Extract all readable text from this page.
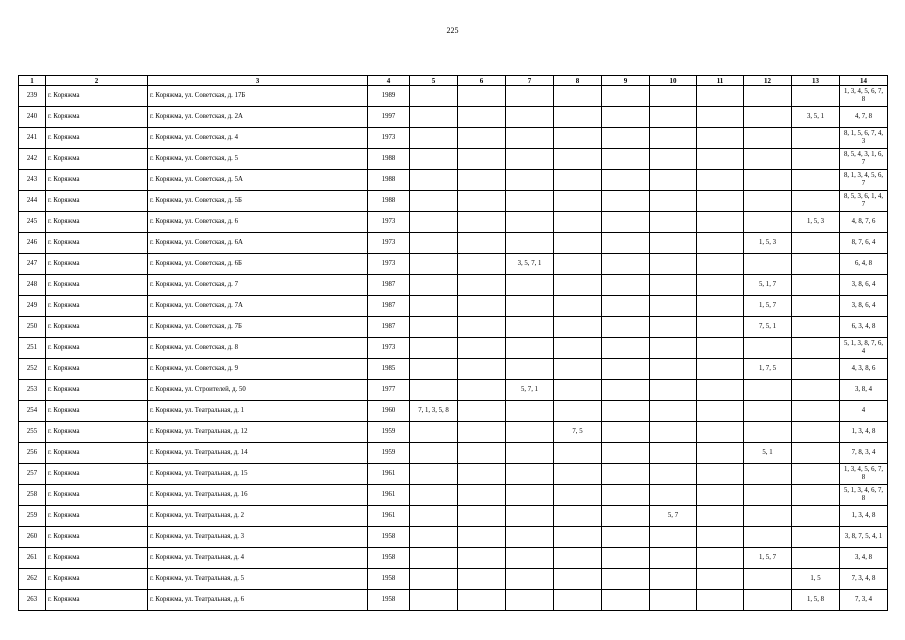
225
1	2	3	4	5	6	7	8	9	10	11	12	13	14
239	г. Коряжма	г. Коряжма, ул. Советская, д. 17Б	1989										1, 3, 4, 5, 6, 7, 8
240	г. Коряжма	г. Коряжма, ул. Советская, д. 2А	1997									3, 5, 1	4, 7, 8
241	г. Коряжма	г. Коряжма, ул. Советская, д. 4	1973										8, 1, 5, 6, 7, 4, 3
242	г. Коряжма	г. Коряжма, ул. Советская, д. 5	1988										8, 5, 4, 3, 1, 6, 7
243	г. Коряжма	г. Коряжма, ул. Советская, д. 5А	1988										8, 1, 3, 4, 5, 6, 7
244	г. Коряжма	г. Коряжма, ул. Советская, д. 5Б	1988										8, 5, 3, 6, 1, 4, 7
245	г. Коряжма	г. Коряжма, ул. Советская, д. 6	1973									1, 5, 3	4, 8, 7, 6
246	г. Коряжма	г. Коряжма, ул. Советская, д. 6А	1973								1, 5, 3		8, 7, 6, 4
247	г. Коряжма	г. Коряжма, ул. Советская, д. 6Б	1973			3, 5, 7, 1							6, 4, 8
248	г. Коряжма	г. Коряжма, ул. Советская, д. 7	1987								5, 1, 7		3, 8, 6, 4
249	г. Коряжма	г. Коряжма, ул. Советская, д. 7А	1987								1, 5, 7		3, 8, 6, 4
250	г. Коряжма	г. Коряжма, ул. Советская, д. 7Б	1987								7, 5, 1		6, 3, 4, 8
251	г. Коряжма	г. Коряжма, ул. Советская, д. 8	1973										5, 1, 3, 8, 7, 6, 4
252	г. Коряжма	г. Коряжма, ул. Советская, д. 9	1985								1, 7, 5		4, 3, 8, 6
253	г. Коряжма	г. Коряжма, ул. Строителей, д. 50	1977			5, 7, 1							3, 8, 4
254	г. Коряжма	г. Коряжма, ул. Театральная, д. 1	1960	7, 1, 3, 5, 8									4
255	г. Коряжма	г. Коряжма, ул. Театральная, д. 12	1959				7, 5						1, 3, 4, 8
256	г. Коряжма	г. Коряжма, ул. Театральная, д. 14	1959								5, 1		7, 8, 3, 4
257	г. Коряжма	г. Коряжма, ул. Театральная, д. 15	1961										1, 3, 4, 5, 6, 7, 8
258	г. Коряжма	г. Коряжма, ул. Театральная, д. 16	1961										5, 1, 3, 4, 6, 7, 8
259	г. Коряжма	г. Коряжма, ул. Театральная, д. 2	1961						5, 7				1, 3, 4, 8
260	г. Коряжма	г. Коряжма, ул. Театральная, д. 3	1958										3, 8, 7, 5, 4, 1
261	г. Коряжма	г. Коряжма, ул. Театральная, д. 4	1958								1, 5, 7		3, 4, 8
262	г. Коряжма	г. Коряжма, ул. Театральная, д. 5	1958									1, 5	7, 3, 4, 8
263	г. Коряжма	г. Коряжма, ул. Театральная, д. 6	1958									1, 5, 8	7, 3, 4
